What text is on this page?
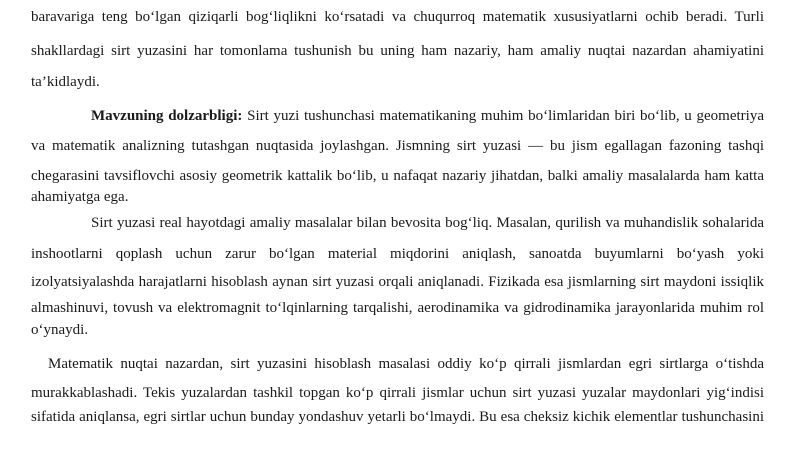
baravariga teng bo‘lgan qiziqarli bog‘liqlikni ko‘rsatadi va chuqurroq matematik xususiyatlarni ochib beradi. Turli
shakllardagi sirt yuzasini har tomonlama tushunish bu uning ham nazariy, ham amaliy nuqtai nazardan ahamiyatini
ta’kidlaydi.
Mavzuning dolzarbligi: Sirt yuzi tushunchasi matematikaning muhim bo‘limlaridan biri bo‘lib, u geometriya
va matematik analizning tutashgan nuqtasida joylashgan. Jismning sirt yuzasi — bu jism egallagan fazoning tashqi
chegarasini tavsiflovchi asosiy geometrik kattalik bo‘lib, u nafaqat nazariy jihatdan, balki amaliy masalalarda ham katta
ahamiyatga ega.
Sirt yuzasi real hayotdagi amaliy masalalar bilan bevosita bog‘liq. Masalan, qurilish va muhandislik sohalarida
inshootlarni qoplash uchun zarur bo‘lgan material miqdorini aniqlash, sanoatda buyumlarni bo‘yash yoki
izolyatsiyalashda harajatlarni hisoblash aynan sirt yuzasi orqali aniqlanadi. Fizikada esa jismlarning sirt maydoni issiqlik
almashinuvi, tovush va elektromagnit to‘lqinlarning tarqalishi, aerodinamika va gidrodinamika jarayonlarida muhim rol
o‘ynaydi.
Matematik nuqtai nazardan, sirt yuzasini hisoblash masalasi oddiy ko‘p qirrali jismlardan egri sirtlarga o‘tishda
murakkablashadi. Tekis yuzalardan tashkil topgan ko‘p qirrali jismlar uchun sirt yuzasi yuzalar maydonlari yig‘indisi
sifatida aniqlansa, egri sirtlar uchun bunday yondashuv yetarli bo‘lmaydi. Bu esa cheksiz kichik elementlar tushunchasini
